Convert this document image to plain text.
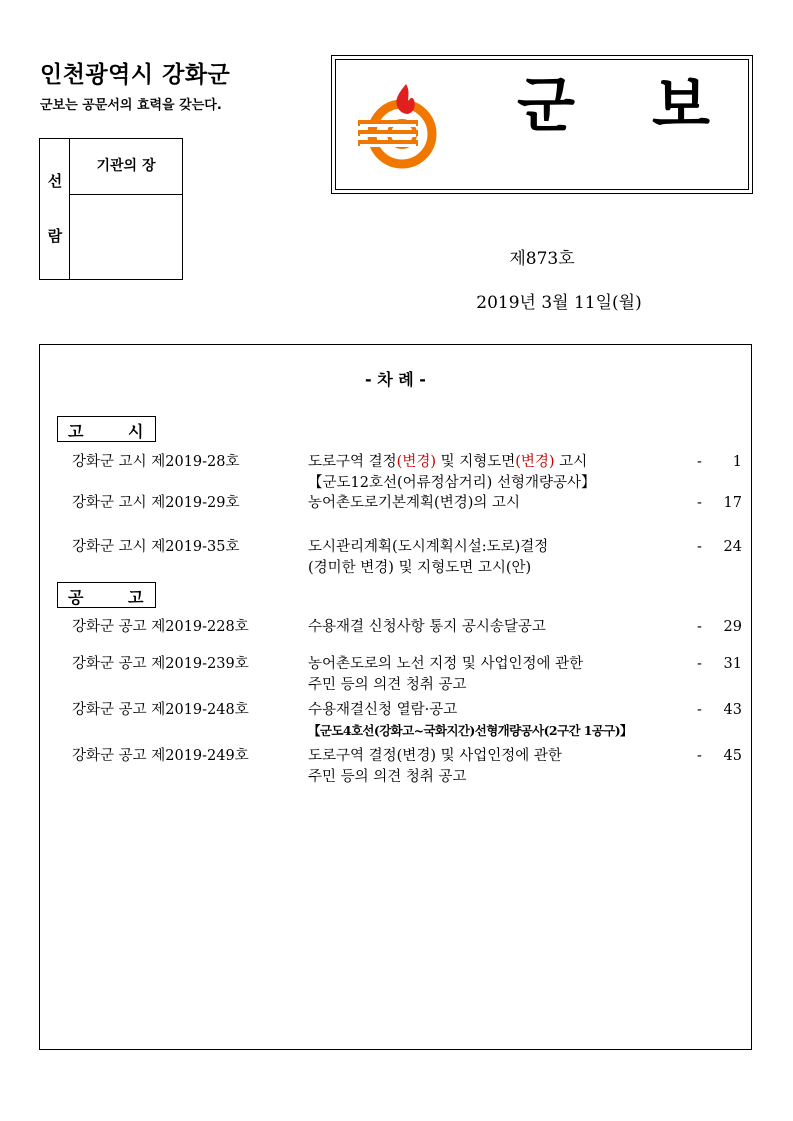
인천광역시 강화군
군보는 공문서의 효력을 갖는다.
선
람
기관의 장
군 보
제873호
2019년 3월 11일(월)
- 차 례 -
고	시
강화군 고시 제2019-28호	도로구역 결정(변경) 및 지형도면(변경) 고시	- 1
【군도12호선(어류정삼거리) 선형개량공사】
강화군 고시 제2019-29호	농어촌도로기본계획(변경)의 고시	- 17
강화군 고시 제2019-35호	도시관리계획(도시계획시설:도로)결정	- 24
(경미한 변경) 및 지형도면 고시(안)
공	고
강화군 공고 제2019-228호	수용재결 신청사항 통지 공시송달공고	- 29
강화군 공고 제2019-239호	농어촌도로의 노선 지정 및 사업인정에 관한	- 31
주민 등의 의견 청취 공고
강화군 공고 제2019-248호	수용재결신청 열람·공고	- 43
【군도4호선(강화고~국화지간)선형개량공사(2구간 1공구)】
강화군 공고 제2019-249호	도로구역 결정(변경) 및 사업인정에 관한	- 45
주민 등의 의견 청취 공고
